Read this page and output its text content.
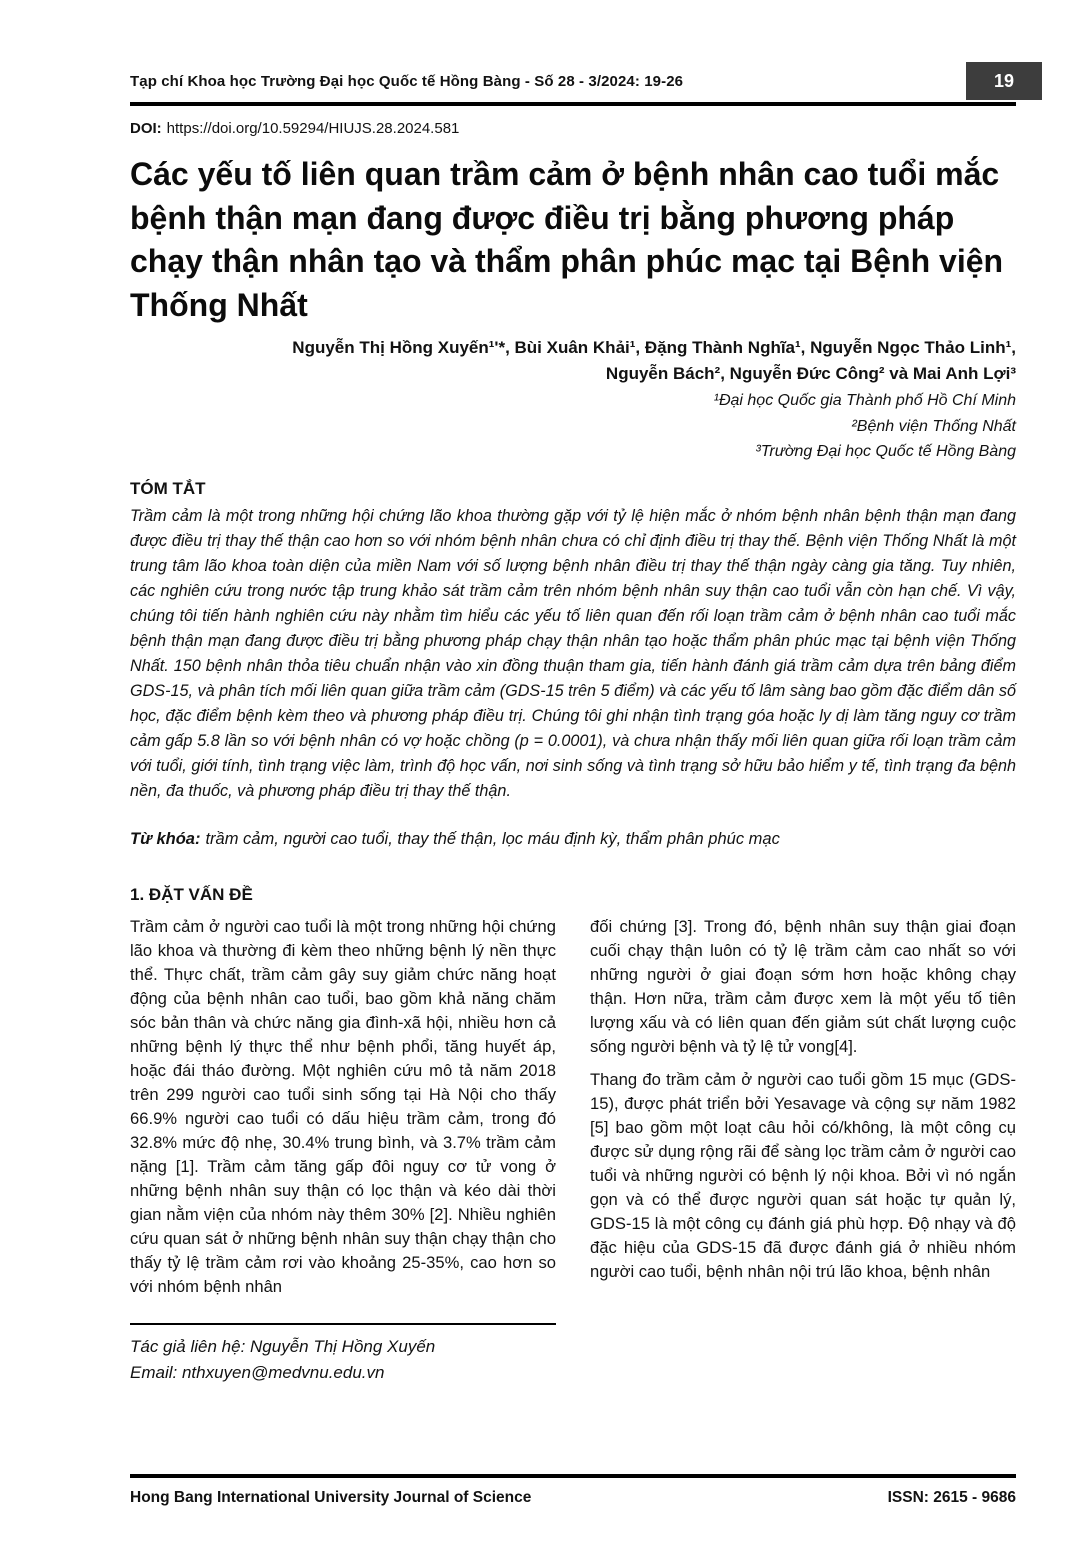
Tạp chí Khoa học Trường Đại học Quốc tế Hồng Bàng - Số 28 - 3/2024: 19-26	19
DOI: https://doi.org/10.59294/HIUJS.28.2024.581
Các yếu tố liên quan trầm cảm ở bệnh nhân cao tuổi mắc bệnh thận mạn đang được điều trị bằng phương pháp chạy thận nhân tạo và thẩm phân phúc mạc tại Bệnh viện Thống Nhất
Nguyễn Thị Hồng Xuyến¹'*, Bùi Xuân Khải¹, Đặng Thành Nghĩa¹, Nguyễn Ngọc Thảo Linh¹,
Nguyễn Bách², Nguyễn Đức Công² và Mai Anh Lợi³
¹Đại học Quốc gia Thành phố Hồ Chí Minh
²Bệnh viện Thống Nhất
³Trường Đại học Quốc tế Hồng Bàng
TÓM TẮT

Trầm cảm là một trong những hội chứng lão khoa thường gặp với tỷ lệ hiện mắc ở nhóm bệnh nhân bệnh thận mạn đang được điều trị thay thế thận cao hơn so với nhóm bệnh nhân chưa có chỉ định điều trị thay thế. Bệnh viện Thống Nhất là một trung tâm lão khoa toàn diện của miền Nam với số lượng bệnh nhân điều trị thay thế thận ngày càng gia tăng. Tuy nhiên, các nghiên cứu trong nước tập trung khảo sát trầm cảm trên nhóm bệnh nhân suy thận cao tuổi vẫn còn hạn chế. Vì vậy, chúng tôi tiến hành nghiên cứu này nhằm tìm hiểu các yếu tố liên quan đến rối loạn trầm cảm ở bệnh nhân cao tuổi mắc bệnh thận mạn đang được điều trị bằng phương pháp chạy thận nhân tạo hoặc thẩm phân phúc mạc tại bệnh viện Thống Nhất. 150 bệnh nhân thỏa tiêu chuẩn nhận vào xin đồng thuận tham gia, tiến hành đánh giá trầm cảm dựa trên bảng điểm GDS-15, và phân tích mối liên quan giữa trầm cảm (GDS-15 trên 5 điểm) và các yếu tố lâm sàng bao gồm đặc điểm dân số học, đặc điểm bệnh kèm theo và phương pháp điều trị. Chúng tôi ghi nhận tình trạng góa hoặc ly dị làm tăng nguy cơ trầm cảm gấp 5.8 lần so với bệnh nhân có vợ hoặc chồng (p = 0.0001), và chưa nhận thấy mối liên quan giữa rối loạn trầm cảm với tuổi, giới tính, tình trạng việc làm, trình độ học vấn, nơi sinh sống và tình trạng sở hữu bảo hiểm y tế, tình trạng đa bệnh nền, đa thuốc, và phương pháp điều trị thay thế thận.

Từ khóa: trầm cảm, người cao tuổi, thay thế thận, lọc máu định kỳ, thẩm phân phúc mạc
1. ĐẶT VẤN ĐỀ

Trầm cảm ở người cao tuổi là một trong những hội chứng lão khoa và thường đi kèm theo những bệnh lý nền thực thể. Thực chất, trầm cảm gây suy giảm chức năng hoạt động của bệnh nhân cao tuổi, bao gồm khả năng chăm sóc bản thân và chức năng gia đình-xã hội, nhiều hơn cả những bệnh lý thực thể như bệnh phổi, tăng huyết áp, hoặc đái tháo đường. Một nghiên cứu mô tả năm 2018 trên 299 người cao tuổi sinh sống tại Hà Nội cho thấy 66.9% người cao tuổi có dấu hiệu trầm cảm, trong đó 32.8% mức độ nhẹ, 30.4% trung bình, và 3.7% trầm cảm nặng [1]. Trầm cảm tăng gấp đôi nguy cơ tử vong ở những bệnh nhân suy thận có lọc thận và kéo dài thời gian nằm viện của nhóm này thêm 30% [2]. Nhiều nghiên cứu quan sát ở những bệnh nhân suy thận chạy thận cho thấy tỷ lệ trầm cảm rơi vào khoảng 25-35%, cao hơn so với nhóm bệnh nhân

đối chứng [3]. Trong đó, bệnh nhân suy thận giai đoạn cuối chạy thận luôn có tỷ lệ trầm cảm cao nhất so với những người ở giai đoạn sớm hơn hoặc không chạy thận. Hơn nữa, trầm cảm được xem là một yếu tố tiên lượng xấu và có liên quan đến giảm sút chất lượng cuộc sống người bệnh và tỷ lệ tử vong[4].

Thang đo trầm cảm ở người cao tuổi gồm 15 mục (GDS-15), được phát triển bởi Yesavage và cộng sự năm 1982 [5] bao gồm một loạt câu hỏi có/không, là một công cụ được sử dụng rộng rãi để sàng lọc trầm cảm ở người cao tuổi và những người có bệnh lý nội khoa. Bởi vì nó ngắn gọn và có thể được người quan sát hoặc tự quản lý, GDS-15 là một công cụ đánh giá phù hợp. Độ nhạy và độ đặc hiệu của GDS-15 đã được đánh giá ở nhiều nhóm người cao tuổi, bệnh nhân nội trú lão khoa, bệnh nhân

Tác giả liên hệ: Nguyễn Thị Hồng Xuyến
Email: nthxuyen@medvnu.edu.vn
Hong Bang International University Journal of Science	ISSN: 2615 - 9686
